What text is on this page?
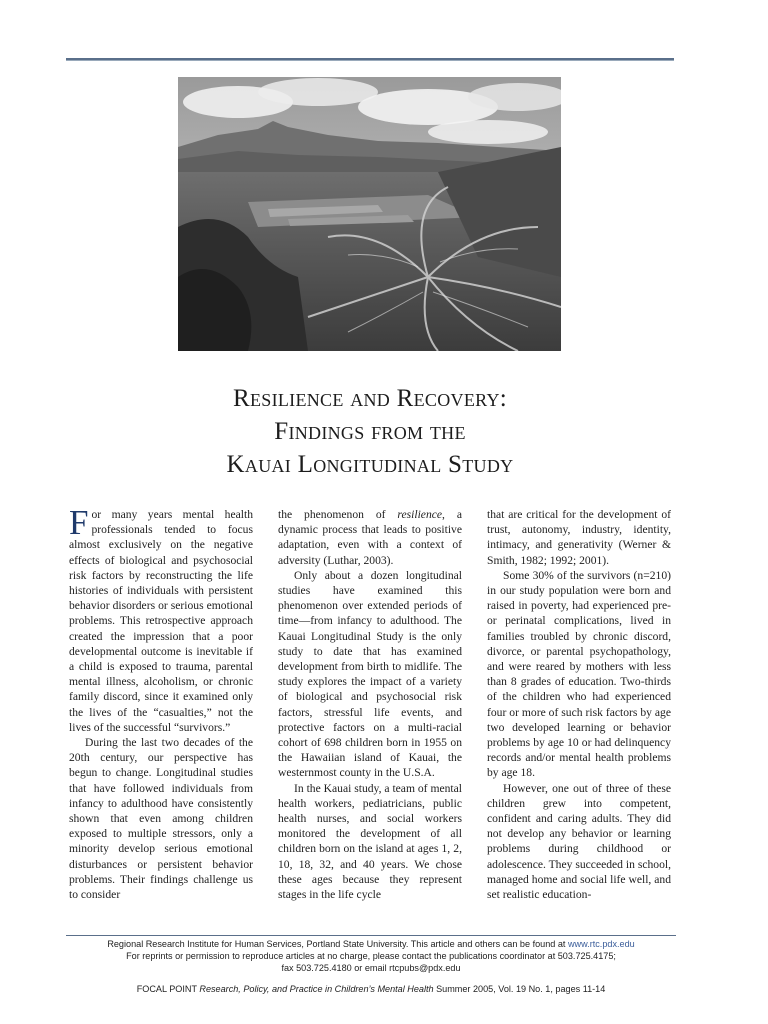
Resilience and Recovery:
Findings from the
Kauai Longitudinal Study

For many years mental health professionals tended to focus almost exclusively on the negative effects of biological and psychosocial risk factors by reconstructing the life histories of individuals with persistent behavior disorders or serious emotional problems. This retrospective approach created the impression that a poor developmental outcome is inevitable if a child is exposed to trauma, parental mental illness, alcoholism, or chronic family discord, since it examined only the lives of the “casualties,” not the lives of the successful “survivors.”

During the last two decades of the 20th century, our perspective has begun to change. Longitudinal studies that have followed individuals from infancy to adulthood have consistently shown that even among children exposed to multiple stressors, only a minority develop serious emotional disturbances or persistent behavior problems. Their findings challenge us to consider

the phenomenon of resilience, a dynamic process that leads to positive adaptation, even with a context of adversity (Luthar, 2003).

Only about a dozen longitudinal studies have examined this phenomenon over extended periods of time—from infancy to adulthood. The Kauai Longitudinal Study is the only study to date that has examined development from birth to midlife. The study explores the impact of a variety of biological and psychosocial risk factors, stressful life events, and protective factors on a multi-racial cohort of 698 children born in 1955 on the Hawaiian island of Kauai, the westernmost county in the U.S.A.

In the Kauai study, a team of mental health workers, pediatricians, public health nurses, and social workers monitored the development of all children born on the island at ages 1, 2, 10, 18, 32, and 40 years. We chose these ages because they represent stages in the life cycle

that are critical for the development of trust, autonomy, industry, identity, intimacy, and generativity (Werner & Smith, 1982; 1992; 2001).

Some 30% of the survivors (n=210) in our study population were born and raised in poverty, had experienced pre- or perinatal complications, lived in families troubled by chronic discord, divorce, or parental psychopathology, and were reared by mothers with less than 8 grades of education. Two-thirds of the children who had experienced four or more of such risk factors by age two developed learning or behavior problems by age 10 or had delinquency records and/or mental health problems by age 18.

However, one out of three of these children grew into competent, confident and caring adults. They did not develop any behavior or learning problems during childhood or adolescence. They succeeded in school, managed home and social life well, and set realistic education-

Regional Research Institute for Human Services, Portland State University. This article and others can be found at www.rtc.pdx.edu
For reprints or permission to reproduce articles at no charge, please contact the publications coordinator at 503.725.4175;
fax 503.725.4180 or email rtcpubs@pdx.edu
FOCAL POINT Research, Policy, and Practice in Children’s Mental Health Summer 2005, Vol. 19 No. 1, pages 11-14
